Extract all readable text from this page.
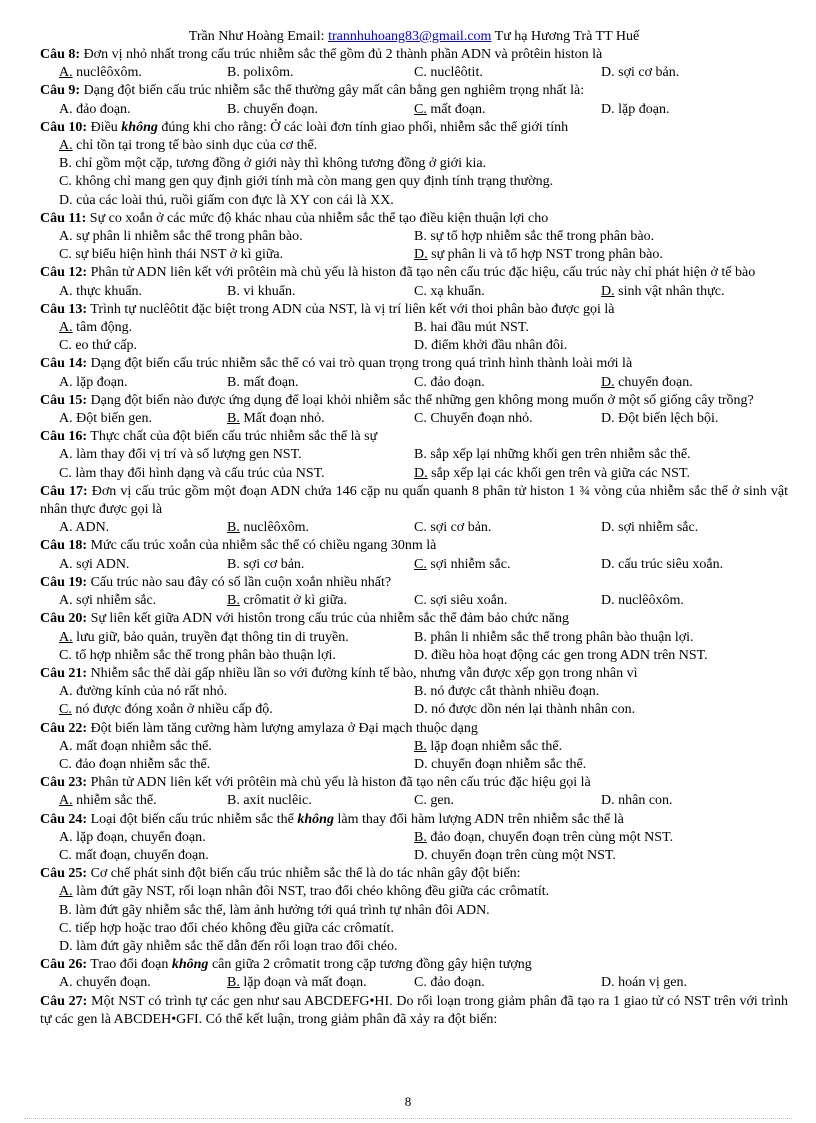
Trần Như Hoàng Email: trannhuhoang83@gmail.com Tư hạ Hương Trà TT Huế
Câu 8: Đơn vị nhỏ nhất trong cấu trúc nhiễm sắc thể gồm đủ 2 thành phần ADN và prôtêin histon là
A. nuclêôxôm.	B. polixôm.	C. nuclêôtit.	D. sợi cơ bản.
Câu 9: Dạng đột biến cấu trúc nhiễm sắc thể thường gây mất cân bằng gen nghiêm trọng nhất là:
A. đảo đoạn.	B. chuyển đoạn.	C. mất đoạn.	D. lặp đoạn.
Câu 10: Điều không đúng khi cho rằng: Ở các loài đơn tính giao phối, nhiễm sắc thể giới tính
A. chỉ tồn tại trong tế bào sinh dục của cơ thể.
B. chỉ gồm một cặp, tương đồng ở giới này thì không tương đồng ở giới kia.
C. không chỉ mang gen quy định giới tính mà còn mang gen quy định tính trạng thường.
D. của các loài thú, ruồi giấm con đực là XY con cái là XX.
Câu 11: Sự co xoắn ở các mức độ khác nhau của nhiễm sắc thể tạo điều kiện thuận lợi cho
A. sự phân li nhiễm sắc thể trong phân bào.	B. sự tổ hợp nhiễm sắc thể trong phân bào.
C. sự biểu hiện hình thái NST ở kì giữa.	D. sự phân li và tổ hợp NST trong phân bào.
Câu 12: Phân tử ADN liên kết với prôtêin mà chủ yếu là histon đã tạo nên cấu trúc đặc hiệu, cấu trúc này chỉ phát hiện ở tế bào
A. thực khuẩn.	B. vi khuẩn.	C. xạ khuẩn.	D. sinh vật nhân thực.
Câu 13: Trình tự nuclêôtit đặc biệt trong ADN của NST, là vị trí liên kết với thoi phân bào được gọi là
A. tâm động.	B. hai đầu mút NST.
C. eo thứ cấp.	D. điểm khởi đầu nhân đôi.
Câu 14: Dạng đột biến cấu trúc nhiễm sắc thể có vai trò quan trọng trong quá trình hình thành loài mới là
A. lặp đoạn.	B. mất đoạn.	C. đảo đoạn.	D. chuyển đoạn.
Câu 15: Dạng đột biến nào được ứng dụng để loại khỏi nhiễm sắc thể những gen không mong muốn ở một số giống cây trồng?
A. Đột biến gen.	B. Mất đoạn nhỏ.	C. Chuyển đoạn nhỏ.	D. Đột biến lệch bội.
Câu 16: Thực chất của đột biến cấu trúc nhiễm sắc thể là sự
A. làm thay đổi vị trí và số lượng gen NST.	B. sắp xếp lại những khối gen trên nhiễm sắc thể.
C. làm thay đổi hình dạng và cấu trúc của NST.	D. sắp xếp lại các khối gen trên và giữa các NST.
Câu 17: Đơn vị cấu trúc gồm một đoạn ADN chứa 146 cặp nu quấn quanh 8 phân tử histon 1 ¾ vòng của nhiễm sắc thể ở sinh vật nhân thực được gọi là
A. ADN.	B. nuclêôxôm.	C. sợi cơ bản.	D. sợi nhiễm sắc.
Câu 18: Mức cấu trúc xoắn của nhiễm sắc thể có chiều ngang 30nm là
A. sợi ADN.	B. sợi cơ bản.	C. sợi nhiễm sắc.	D. cấu trúc siêu xoắn.
Câu 19: Cấu trúc nào sau đây có số lần cuộn xoắn nhiều nhất?
A. sợi nhiễm sắc.	B. crômatit ở kì giữa.	C. sợi siêu xoắn.	D. nuclêôxôm.
Câu 20: Sự liên kết giữa ADN với histôn trong cấu trúc của nhiễm sắc thể đảm bảo chức năng
A. lưu giữ, bảo quản, truyền đạt thông tin di truyền.	B. phân li nhiễm sắc thể trong phân bào thuận lợi.
C. tổ hợp nhiễm sắc thể trong phân bào thuận lợi.	D. điều hòa hoạt động các gen trong ADN trên NST.
Câu 21: Nhiễm sắc thể dài gấp nhiều lần so với đường kính tế bào, nhưng vẫn được xếp gọn trong nhân vì
A. đường kính của nó rất nhỏ.	B. nó được cắt thành nhiều đoạn.
C. nó được đóng xoắn ở nhiều cấp độ.	D. nó được dồn nén lại thành nhân con.
Câu 22: Đột biến làm tăng cường hàm lượng amylaza ở Đại mạch thuộc dạng
A. mất đoạn nhiễm sắc thể.	B. lặp đoạn nhiễm sắc thể.
C. đảo đoạn nhiễm sắc thể.	D. chuyển đoạn nhiễm sắc thể.
Câu 23: Phân tử ADN liên kết với prôtêin mà chủ yếu là histon đã tạo nên cấu trúc đặc hiệu gọi là
A. nhiễm sắc thể.	B. axit nuclêic.	C. gen.	D. nhân con.
Câu 24: Loại đột biến cấu trúc nhiễm sắc thể không làm thay đổi hàm lượng ADN trên nhiễm sắc thể là
A. lặp đoạn, chuyển đoạn.	B. đảo đoạn, chuyển đoạn trên cùng một NST.
C. mất đoạn, chuyển đoạn.	D. chuyển đoạn trên cùng một NST.
Câu 25: Cơ chế phát sinh đột biến cấu trúc nhiễm sắc thể là do tác nhân gây đột biến:
A. làm đứt gãy NST, rối loạn nhân đôi NST, trao đổi chéo không đều giữa các crômatít.
B. làm đứt gãy nhiễm sắc thể, làm ảnh hưởng tới quá trình tự nhân đôi ADN.
C. tiếp hợp hoặc trao đổi chéo không đều giữa các crômatít.
D. làm đứt gãy nhiễm sắc thể dẫn đến rối loạn trao đổi chéo.
Câu 26: Trao đổi đoạn không cân giữa 2 crômatit trong cặp tương đồng gây hiện tượng
A. chuyển đoạn.	B. lặp đoạn và mất đoạn.	C. đảo đoạn.	D. hoán vị gen.
Câu 27: Một NST có trình tự các gen như sau ABCDEFG•HI. Do rối loạn trong giảm phân đã tạo ra 1 giao tử có NST trên với trình tự các gen là ABCDEH•GFI. Có thể kết luận, trong giảm phân đã xảy ra đột biến:
8
